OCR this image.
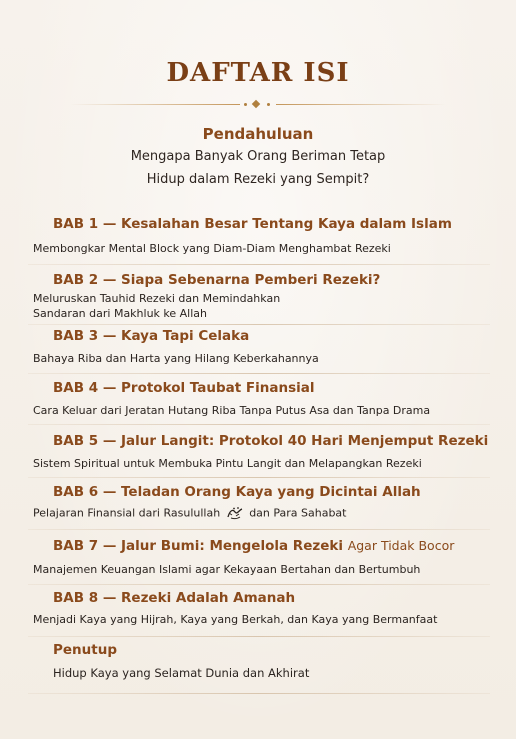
DAFTAR ISI
Pendahuluan
Mengapa Banyak Orang Beriman Tetap
Hidup dalam Rezeki yang Sempit?
BAB 1 — Kesalahan Besar Tentang Kaya dalam Islam
Membongkar Mental Block yang Diam-Diam Menghambat Rezeki
BAB 2 — Siapa Sebenarna Pemberi Rezeki?
Meluruskan Tauhid Rezeki dan Memindahkan
Sandaran dari Makhluk ke Allah
BAB 3 — Kaya Tapi Celaka
Bahaya Riba dan Harta yang Hilang Keberkahannya
BAB 4 — Protokol Taubat Finansial
Cara Keluar dari Jeratan Hutang Riba Tanpa Putus Asa dan Tanpa Drama
BAB 5 — Jalur Langit: Protokol 40 Hari Menjemput Rezeki
Sistem Spiritual untuk Membuka Pintu Langit dan Melapangkan Rezeki
BAB 6 — Teladan Orang Kaya yang Dicintai Allah
Pelajaran Finansial dari Rasulullah	dan Para Sahabat
BAB 7 — Jalur Bumi: Mengelola Rezeki Agar Tidak Bocor
Manajemen Keuangan Islami agar Kekayaan Bertahan dan Bertumbuh
BAB 8 — Rezeki Adalah Amanah
Menjadi Kaya yang Hijrah, Kaya yang Berkah, dan Kaya yang Bermanfaat
Penutup
Hidup Kaya yang Selamat Dunia dan Akhirat
